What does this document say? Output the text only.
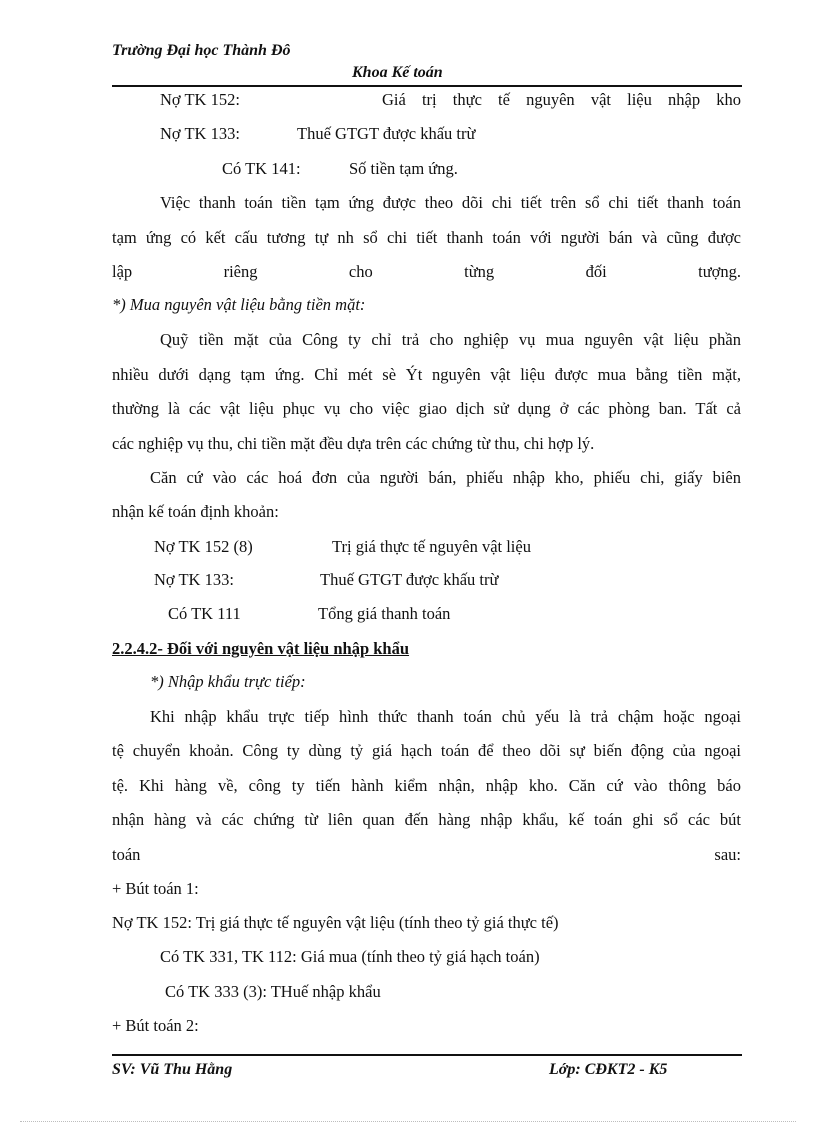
Trường Đại học Thành Đô
Khoa Kế toán
Nợ TK 152:	Giá trị thực tế nguyên vật liệu nhập kho
Nợ TK 133:	Thuế GTGT được khấu trừ
Có TK 141:	Số tiền tạm ứng.
Việc thanh toán tiền tạm ứng được theo dõi chi tiết trên sổ chi tiết thanh toán
tạm ứng có kết cấu tương tự nh sổ chi tiết thanh toán với người bán và cũng được
lập riêng cho từng đối tượng.
*) Mua nguyên vật liệu bằng tiền mặt:
Quỹ tiền mặt của Công ty chỉ trả cho nghiệp vụ mua nguyên vật liệu phần
nhiều dưới dạng tạm ứng. Chỉ mét sè Ýt nguyên vật liệu được mua bằng tiền mặt,
thường là các vật liệu phục vụ cho việc giao dịch sử dụng ở các phòng ban. Tất cả
các nghiệp vụ thu, chi tiền mặt đều dựa trên các chứng từ thu, chi hợp lý.
Căn cứ vào các hoá đơn của người bán, phiếu nhập kho, phiếu chi, giấy biên
nhận kế toán định khoản:
Nợ TK 152 (8)	Trị giá thực tế nguyên vật liệu
Nợ TK 133:	Thuế GTGT được khấu trừ
Có TK 111	Tổng giá thanh toán
2.2.4.2- Đối với nguyên vật liệu nhập khẩu
*) Nhập khẩu trực tiếp:
Khi nhập khẩu trực tiếp hình thức thanh toán chủ yếu là trả chậm hoặc ngoại
tệ chuyển khoản. Công ty dùng tỷ giá hạch toán để theo dõi sự biến động của ngoại
tệ. Khi hàng về, công ty tiến hành kiểm nhận, nhập kho. Căn cứ vào thông báo
nhận hàng và các chứng từ liên quan đến hàng nhập khẩu, kế toán ghi sổ các bút
toán sau:
+ Bút toán 1:
Nợ TK 152: Trị giá thực tế nguyên vật liệu (tính theo tỷ giá thực tế)
Có TK 331, TK 112: Giá mua (tính theo tỷ giá hạch toán)
Có TK 333 (3): THuế nhập khẩu
+ Bút toán 2:
SV: Vũ Thu Hằng	Lớp: CĐKT2 - K5
